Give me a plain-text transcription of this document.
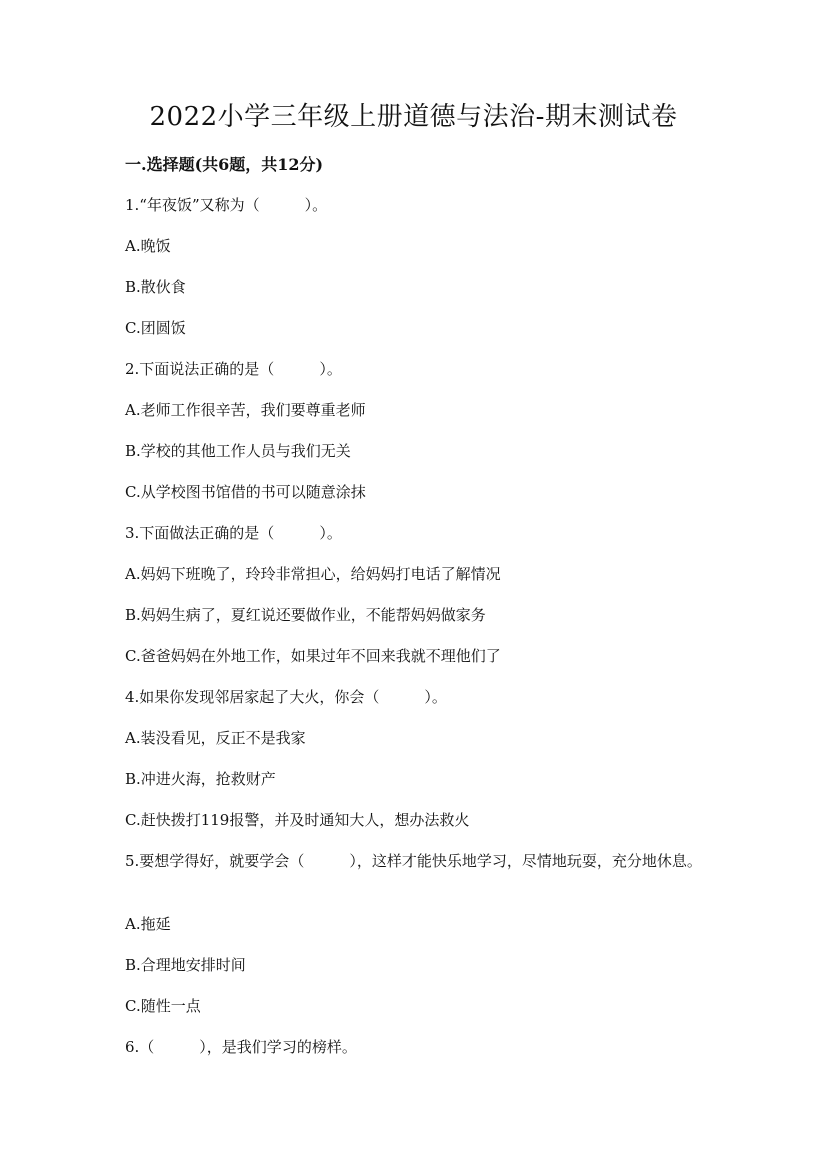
2022小学三年级上册道德与法治-期末测试卷
一.选择题(共6题，共12分)
1.“年夜饭”又称为（　　　）。
A.晚饭
B.散伙食
C.团圆饭
2.下面说法正确的是（　　　）。
A.老师工作很辛苦，我们要尊重老师
B.学校的其他工作人员与我们无关
C.从学校图书馆借的书可以随意涂抹
3.下面做法正确的是（　　　）。
A.妈妈下班晚了，玲玲非常担心，给妈妈打电话了解情况
B.妈妈生病了，夏红说还要做作业，不能帮妈妈做家务
C.爸爸妈妈在外地工作，如果过年不回来我就不理他们了
4.如果你发现邻居家起了大火，你会（　　　）。
A.装没看见，反正不是我家
B.冲进火海，抢救财产
C.赶快拨打119报警，并及时通知大人，想办法救火
5.要想学得好，就要学会（　　　），这样才能快乐地学习，尽情地玩耍，充分地休息。
A.拖延
B.合理地安排时间
C.随性一点
6.（　　　），是我们学习的榜样。
